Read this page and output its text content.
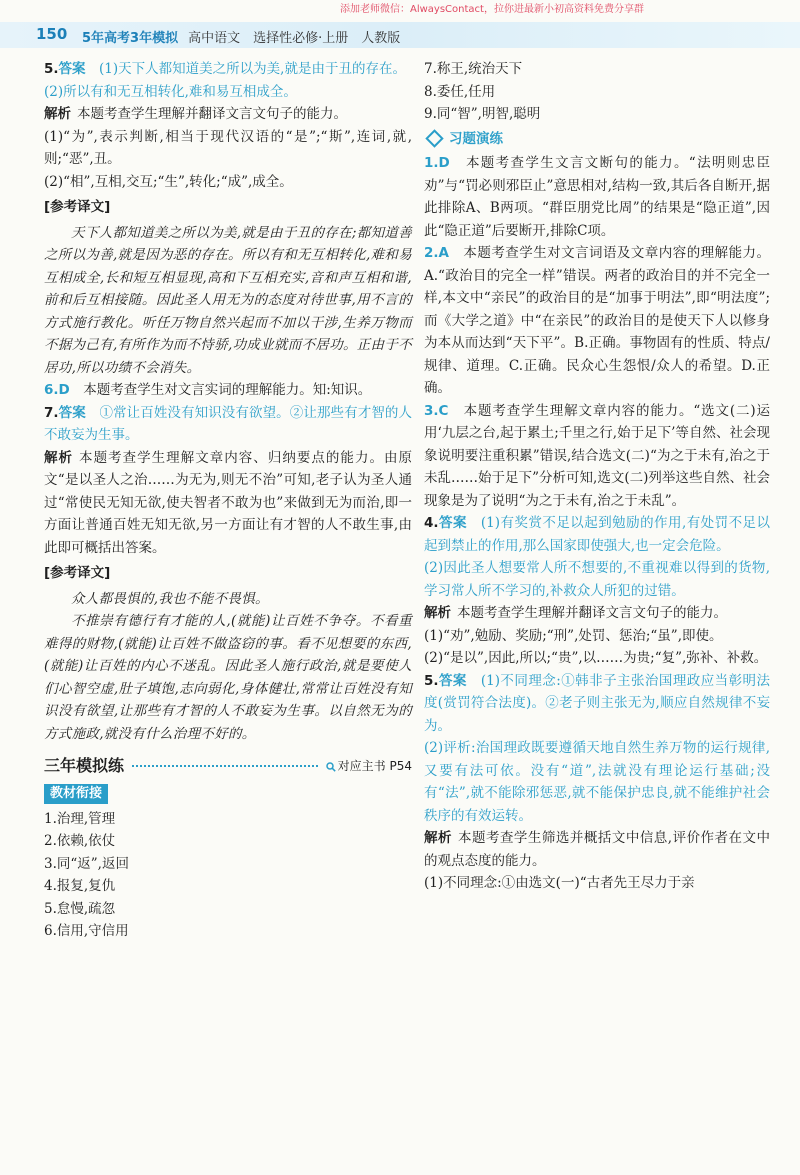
添加老师微信：AlwaysContact，拉你进最新小初高资料免费分享群
150 5年高考3年模拟 高中语文　选择性必修·上册　人教版

5.答案　 (1)天下人都知道美之所以为美,就是由于丑的存在。

(2)所以有和无互相转化,难和易互相成全。

解析 本题考查学生理解并翻译文言文句子的能力。

(1)“为”,表示判断,相当于现代汉语的“是”;“斯”,连词,就,则;“恶”,丑。

(2)“相”,互相,交互;“生”,转化;“成”,成全。

[参考译文]

天下人都知道美之所以为美,就是由于丑的存在;都知道善之所以为善,就是因为恶的存在。所以有和无互相转化,难和易互相成全,长和短互相显现,高和下互相充实,音和声互相和谐,前和后互相接随。因此圣人用无为的态度对待世事,用不言的方式施行教化。听任万物自然兴起而不加以干涉,生养万物而不据为己有,有所作为而不恃骄,功成业就而不居功。正由于不居功,所以功绩不会消失。

6.D　 本题考查学生对文言实词的理解能力。知:知识。

7.答案　 ①常让百姓没有知识没有欲望。②让那些有才智的人不敢妄为生事。

解析 本题考查学生理解文章内容、归纳要点的能力。由原文“是以圣人之治……为无为,则无不治”可知,老子认为圣人通过“常使民无知无欲,使夫智者不敢为也”来做到无为而治,即一方面让普通百姓无知无欲,另一方面让有才智的人不敢生事,由此即可概括出答案。

[参考译文]

众人都畏惧的,我也不能不畏惧。

不推崇有德行有才能的人,(就能)让百姓不争夺。不看重难得的财物,(就能)让百姓不做盗窃的事。看不见想要的东西,(就能)让百姓的内心不迷乱。因此圣人施行政治,就是要使人们心智空虚,肚子填饱,志向弱化,身体健壮,常常让百姓没有知识没有欲望,让那些有才智的人不敢妄为生事。以自然无为的方式施政,就没有什么治理不好的。

三年模拟练	对应主书 P54
教材衔接

1.治理,管理

2.依赖,依仗

3.同“返”,返回

4.报复,复仇

5.怠慢,疏忽

6.信用,守信用

7.称王,统治天下

8.委任,任用

9.同“智”,明智,聪明

习题演练

1.D　 本题考查学生文言文断句的能力。“法明则忠臣劝”与“罚必则邪臣止”意思相对,结构一致,其后各自断开,据此排除A、B两项。“群臣朋党比周”的结果是“隐正道”,因此“隐正道”后要断开,排除C项。

2.A　 本题考查学生对文言词语及文章内容的理解能力。A.“政治目的完全一样”错误。两者的政治目的并不完全一样,本文中“亲民”的政治目的是“加事于明法”,即“明法度”;而《大学之道》中“在亲民”的政治目的是使天下人以修身为本从而达到“天下平”。B.正确。事物固有的性质、特点/规律、道理。C.正确。民众心生怨恨/众人的希望。D.正确。

3.C　 本题考查学生理解文章内容的能力。“选文(二)运用‘九层之台,起于累土;千里之行,始于足下’等自然、社会现象说明要注重积累”错误,结合选文(二)“为之于未有,治之于未乱……始于足下”分析可知,选文(二)列举这些自然、社会现象是为了说明“为之于未有,治之于未乱”。

4.答案　 (1)有奖赏不足以起到勉励的作用,有处罚不足以起到禁止的作用,那么国家即使强大,也一定会危险。

(2)因此圣人想要常人所不想要的,不重视难以得到的货物,学习常人所不学习的,补救众人所犯的过错。

解析 本题考查学生理解并翻译文言文句子的能力。

(1)“劝”,勉励、奖励;“刑”,处罚、惩治;“虽”,即使。

(2)“是以”,因此,所以;“贵”,以……为贵;“复”,弥补、补救。

5.答案　 (1)不同理念:①韩非子主张治国理政应当彰明法度(赏罚符合法度)。②老子则主张无为,顺应自然规律不妄为。

(2)评析:治国理政既要遵循天地自然生养万物的运行规律,又要有法可依。没有“道”,法就没有理论运行基础;没有“法”,就不能除邪惩恶,就不能保护忠良,就不能维护社会秩序的有效运转。

解析 本题考查学生筛选并概括文中信息,评价作者在文中的观点态度的能力。

(1)不同理念:①由选文(一)“古者先王尽力于亲
